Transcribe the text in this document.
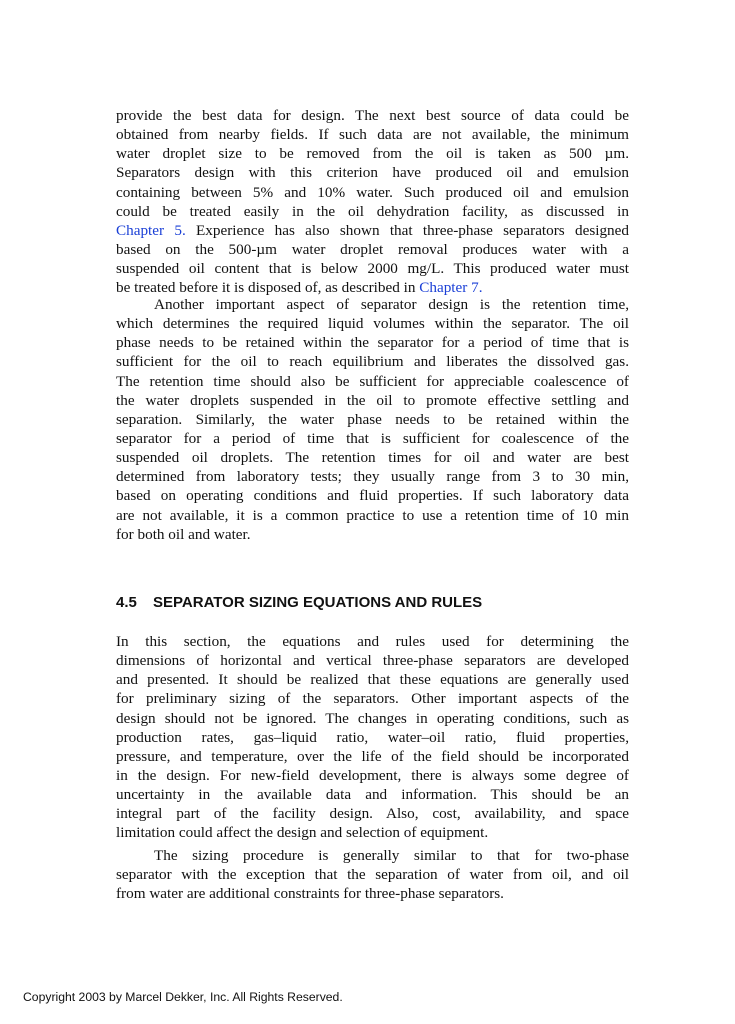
provide the best data for design. The next best source of data could be
obtained from nearby fields. If such data are not available, the minimum
water droplet size to be removed from the oil is taken as 500 µm.
Separators design with this criterion have produced oil and emulsion
containing between 5% and 10% water. Such produced oil and emulsion
could be treated easily in the oil dehydration facility, as discussed in
Chapter 5. Experience has also shown that three-phase separators designed
based on the 500-µm water droplet removal produces water with a
suspended oil content that is below 2000 mg/L. This produced water must
be treated before it is disposed of, as described in Chapter 7.
Another important aspect of separator design is the retention time,
which determines the required liquid volumes within the separator. The oil
phase needs to be retained within the separator for a period of time that is
sufficient for the oil to reach equilibrium and liberates the dissolved gas.
The retention time should also be sufficient for appreciable coalescence of
the water droplets suspended in the oil to promote effective settling and
separation. Similarly, the water phase needs to be retained within the
separator for a period of time that is sufficient for coalescence of the
suspended oil droplets. The retention times for oil and water are best
determined from laboratory tests; they usually range from 3 to 30 min,
based on operating conditions and fluid properties. If such laboratory data
are not available, it is a common practice to use a retention time of 10 min
for both oil and water.
4.5 SEPARATOR SIZING EQUATIONS AND RULES
In this section, the equations and rules used for determining the
dimensions of horizontal and vertical three-phase separators are developed
and presented. It should be realized that these equations are generally used
for preliminary sizing of the separators. Other important aspects of the
design should not be ignored. The changes in operating conditions, such as
production rates, gas–liquid ratio, water–oil ratio, fluid properties,
pressure, and temperature, over the life of the field should be incorporated
in the design. For new-field development, there is always some degree of
uncertainty in the available data and information. This should be an
integral part of the facility design. Also, cost, availability, and space
limitation could affect the design and selection of equipment.
The sizing procedure is generally similar to that for two-phase
separator with the exception that the separation of water from oil, and oil
from water are additional constraints for three-phase separators.
Copyright 2003 by Marcel Dekker, Inc. All Rights Reserved.
